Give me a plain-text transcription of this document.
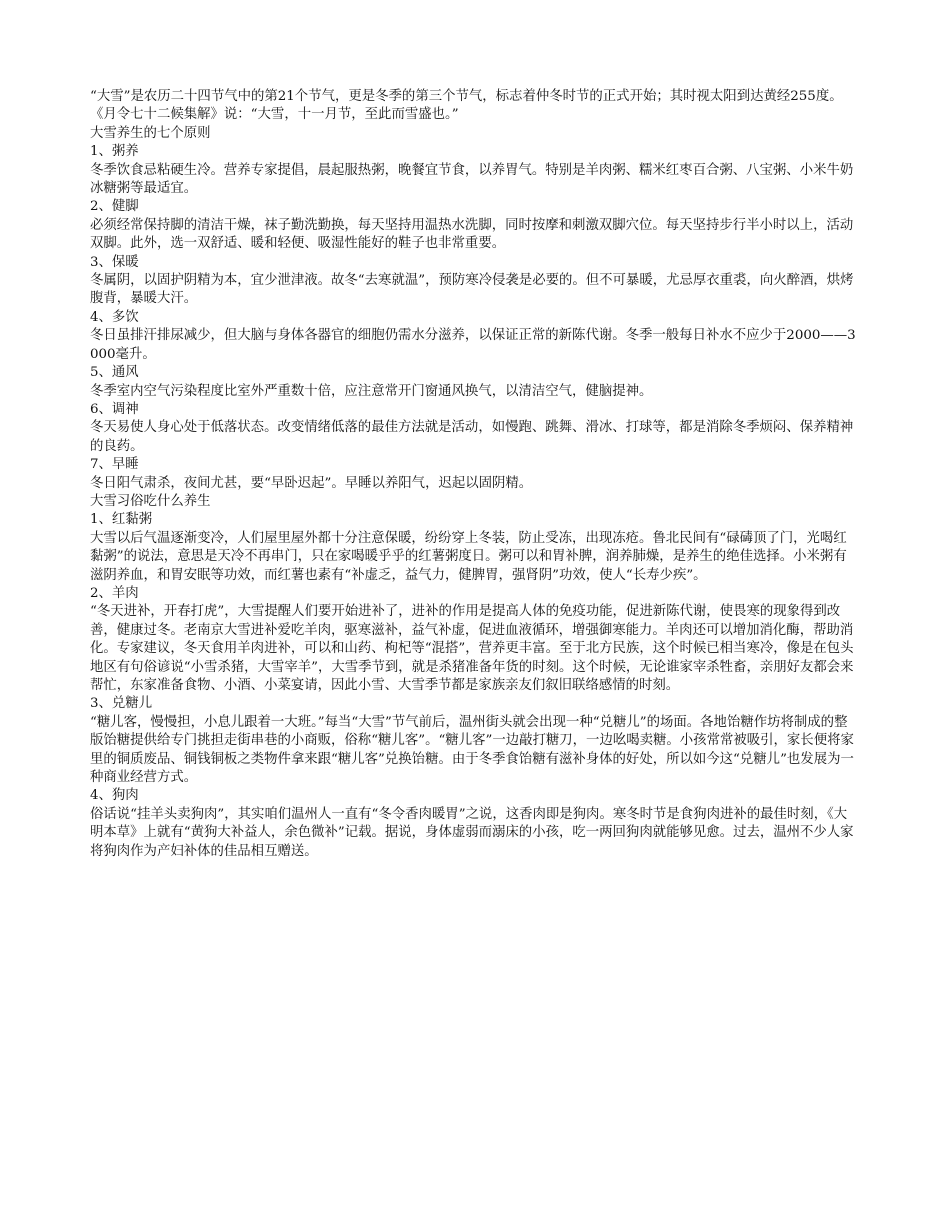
“大雪”是农历二十四节气中的第21个节气，更是冬季的第三个节气，标志着仲冬时节的正式开始；其时视太阳到达黄经255度。《月令七十二候集解》说：“大雪，十一月节，至此而雪盛也。”

大雪养生的七个原则

1、粥养

冬季饮食忌粘硬生冷。营养专家提倡，晨起服热粥，晚餐宜节食，以养胃气。特别是羊肉粥、糯米红枣百合粥、八宝粥、小米牛奶冰糖粥等最适宜。

2、健脚

必须经常保持脚的清洁干燥，袜子勤洗勤换，每天坚持用温热水洗脚，同时按摩和刺激双脚穴位。每天坚持步行半小时以上，活动双脚。此外，选一双舒适、暖和轻便、吸湿性能好的鞋子也非常重要。

3、保暖

冬属阴，以固护阴精为本，宜少泄津液。故冬“去寒就温”，预防寒冷侵袭是必要的。但不可暴暖，尤忌厚衣重裘，向火醉酒，烘烤腹背，暴暖大汗。

4、多饮

冬日虽排汗排尿减少，但大脑与身体各器官的细胞仍需水分滋养，以保证正常的新陈代谢。冬季一般每日补水不应少于2000——3000毫升。

5、通风

冬季室内空气污染程度比室外严重数十倍，应注意常开门窗通风换气，以清洁空气，健脑提神。

6、调神

冬天易使人身心处于低落状态。改变情绪低落的最佳方法就是活动，如慢跑、跳舞、滑冰、打球等，都是消除冬季烦闷、保养精神的良药。

7、早睡

冬日阳气肃杀，夜间尤甚，要“早卧迟起”。早睡以养阳气，迟起以固阴精。

大雪习俗吃什么养生

1、红黏粥

大雪以后气温逐渐变冷，人们屋里屋外都十分注意保暖，纷纷穿上冬装，防止受冻，出现冻疮。鲁北民间有“碌碡顶了门，光喝红黏粥”的说法，意思是天冷不再串门，只在家喝暖乎乎的红薯粥度日。粥可以和胃补脾，润养肺燥，是养生的绝佳选择。小米粥有滋阴养血，和胃安眠等功效，而红薯也素有“补虚乏，益气力，健脾胃，强肾阴”功效，使人“长寿少疾”。

2、羊肉

“冬天进补，开春打虎”，大雪提醒人们要开始进补了，进补的作用是提高人体的免疫功能，促进新陈代谢，使畏寒的现象得到改善，健康过冬。老南京大雪进补爱吃羊肉，驱寒滋补，益气补虚，促进血液循环，增强御寒能力。羊肉还可以增加消化酶，帮助消化。专家建议，冬天食用羊肉进补，可以和山药、枸杞等“混搭”，营养更丰富。至于北方民族，这个时候已相当寒冷，像是在包头地区有句俗谚说“小雪杀猪，大雪宰羊”，大雪季节到，就是杀猪准备年货的时刻。这个时候，无论谁家宰杀牲畜，亲朋好友都会来帮忙，东家准备食物、小酒、小菜宴请，因此小雪、大雪季节都是家族亲友们叙旧联络感情的时刻。

3、兑糖儿

“糖儿客，慢慢担，小息儿跟着一大班。”每当“大雪”节气前后，温州街头就会出现一种“兑糖儿”的场面。各地饴糖作坊将制成的整版饴糖提供给专门挑担走街串巷的小商贩，俗称“糖儿客”。“糖儿客”一边敲打糖刀，一边吆喝卖糖。小孩常常被吸引，家长便将家里的铜质废品、铜钱铜板之类物件拿来跟“糖儿客”兑换饴糖。由于冬季食饴糖有滋补身体的好处，所以如今这“兑糖儿”也发展为一种商业经营方式。

4、狗肉

俗话说“挂羊头卖狗肉”，其实咱们温州人一直有“冬令香肉暖胃”之说，这香肉即是狗肉。寒冬时节是食狗肉进补的最佳时刻，《大明本草》上就有“黄狗大补益人，余色微补”记载。据说，身体虚弱而溺床的小孩，吃一两回狗肉就能够见愈。过去，温州不少人家将狗肉作为产妇补体的佳品相互赠送。
